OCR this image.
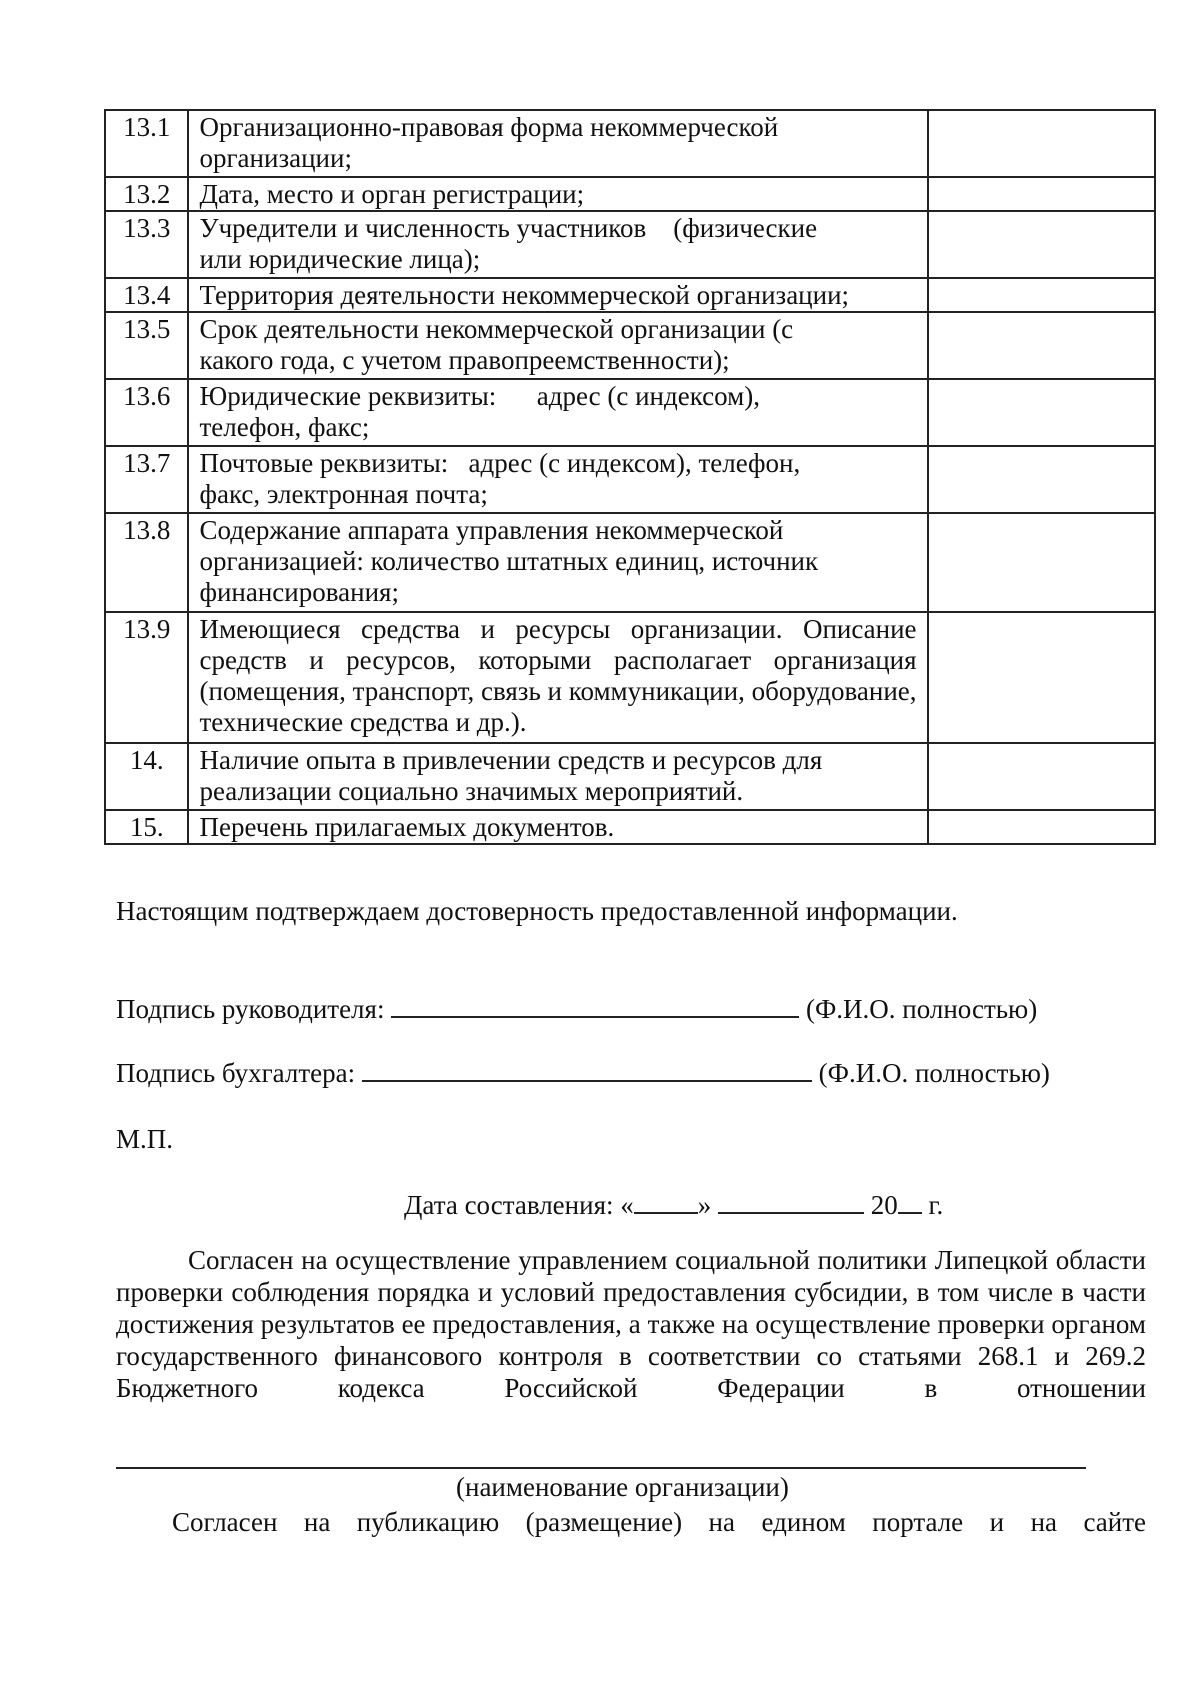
13.1	Организационно-правовая форма некоммерческой
организации;	

13.2	Дата, место и орган регистрации;	

13.3	Учредители и численность участников    (физические
или юридические лица);	

13.4	Территория деятельности некоммерческой организации;	

13.5	Срок деятельности некоммерческой организации (с
какого года, с учетом правопреемственности);	

13.6	Юридические реквизиты:      адрес (с индексом),
телефон, факс;	

13.7	Почтовые реквизиты:   адрес (с индексом), телефон,
факс, электронная почта;	

13.8	Содержание аппарата управления некоммерческой
организацией: количество штатных единиц, источник
финансирования;	

13.9	Имеющиеся средства и ресурсы организации. Описание средств и ресурсов, которыми располагает организация (помещения, транспорт, связь и коммуникации, оборудование, технические средства и др.).	

14.	Наличие опыта в привлечении средств и ресурсов для
реализации социально значимых мероприятий.	

15.	Перечень прилагаемых документов.	

Настоящим подтверждаем достоверность предоставленной информации.
Подпись руководителя:	(Ф.И.О. полностью)
Подпись бухгалтера:	(Ф.И.О. полностью)
М.П.
Дата составления: « »	20 г.
Согласен на осуществление управлением социальной политики Липецкой области проверки соблюдения порядка и условий предоставления субсидии, в том числе в части достижения результатов ее предоставления, а также на осуществление проверки органом государственного финансового контроля в соответствии со статьями 268.1 и 269.2 Бюджетного кодекса Российской Федерации в отношении
(наименование организации)
Согласен на публикацию (размещение) на едином портале и на сайте
